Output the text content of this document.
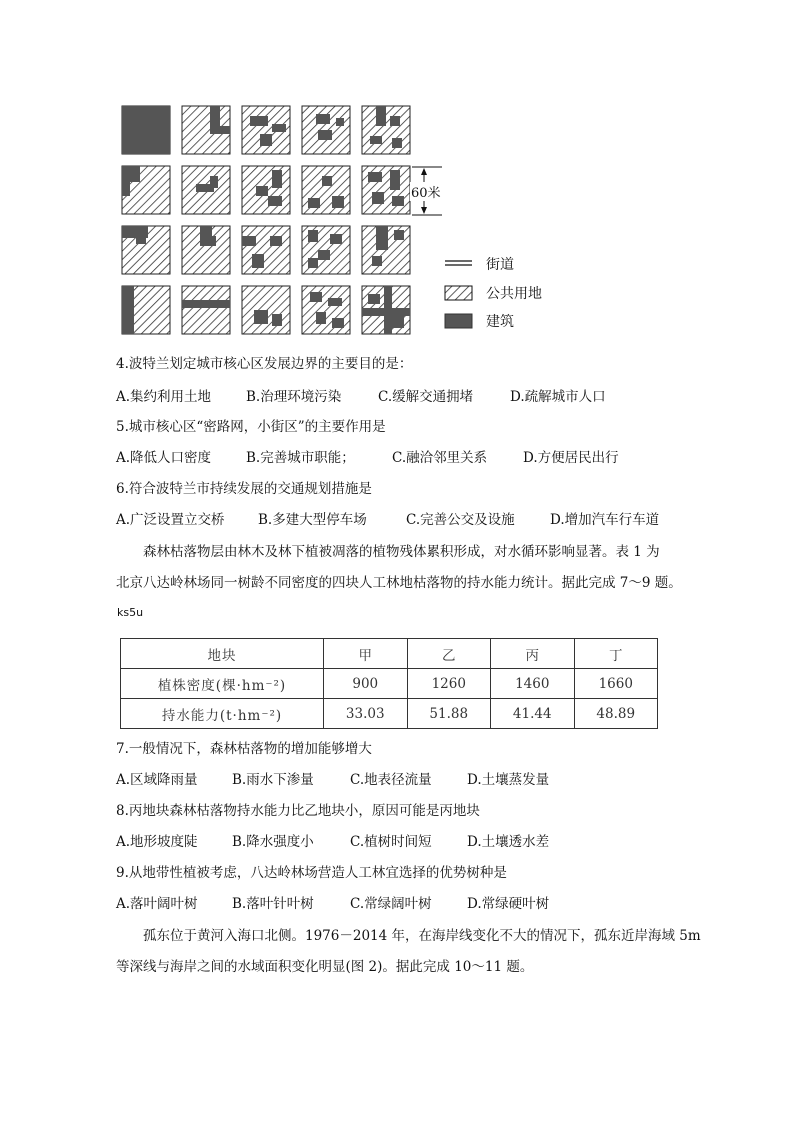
60米
街道
公共用地
建筑
4.波特兰划定城市核心区发展边界的主要目的是：
A.集约利用土地	B.治理环境污染	C.缓解交通拥堵	D.疏解城市人口
5.城市核心区“密路网，小街区”的主要作用是
A.降低人口密度	B.完善城市职能；	C.融洽邻里关系	D.方便居民出行
6.符合波特兰市持续发展的交通规划措施是
A.广泛设置立交桥 B.多建大型停车场	C.完善公交及设施	D.增加汽车行车道
森林枯落物层由林木及林下植被凋落的植物残体累积形成，对水循环影响显著。表 1 为
北京八达岭林场同一树龄不同密度的四块人工林地枯落物的持水能力统计。据此完成 7～9 题。
ks5u
地块	甲	乙	丙	丁
植株密度(棵·hm⁻²)	900	1260	1460	1660
持水能力(t·hm⁻²)	33.03	51.88	41.44	48.89
7.一般情况下，森林枯落物的增加能够增大
A.区域降雨量	B.雨水下渗量	C.地表径流量	D.土壤蒸发量
8.丙地块森林枯落物持水能力比乙地块小，原因可能是丙地块
A.地形坡度陡	B.降水强度小	C.植树时间短	D.土壤透水差
9.从地带性植被考虑，八达岭林场营造人工林宜选择的优势树种是
A.落叶阔叶树	B.落叶针叶树	C.常绿阔叶树	D.常绿硬叶树
孤东位于黄河入海口北侧。1976－2014 年，在海岸线变化不大的情况下，孤东近岸海域 5m
等深线与海岸之间的水域面积变化明显(图 2)。据此完成 10～11 题。
